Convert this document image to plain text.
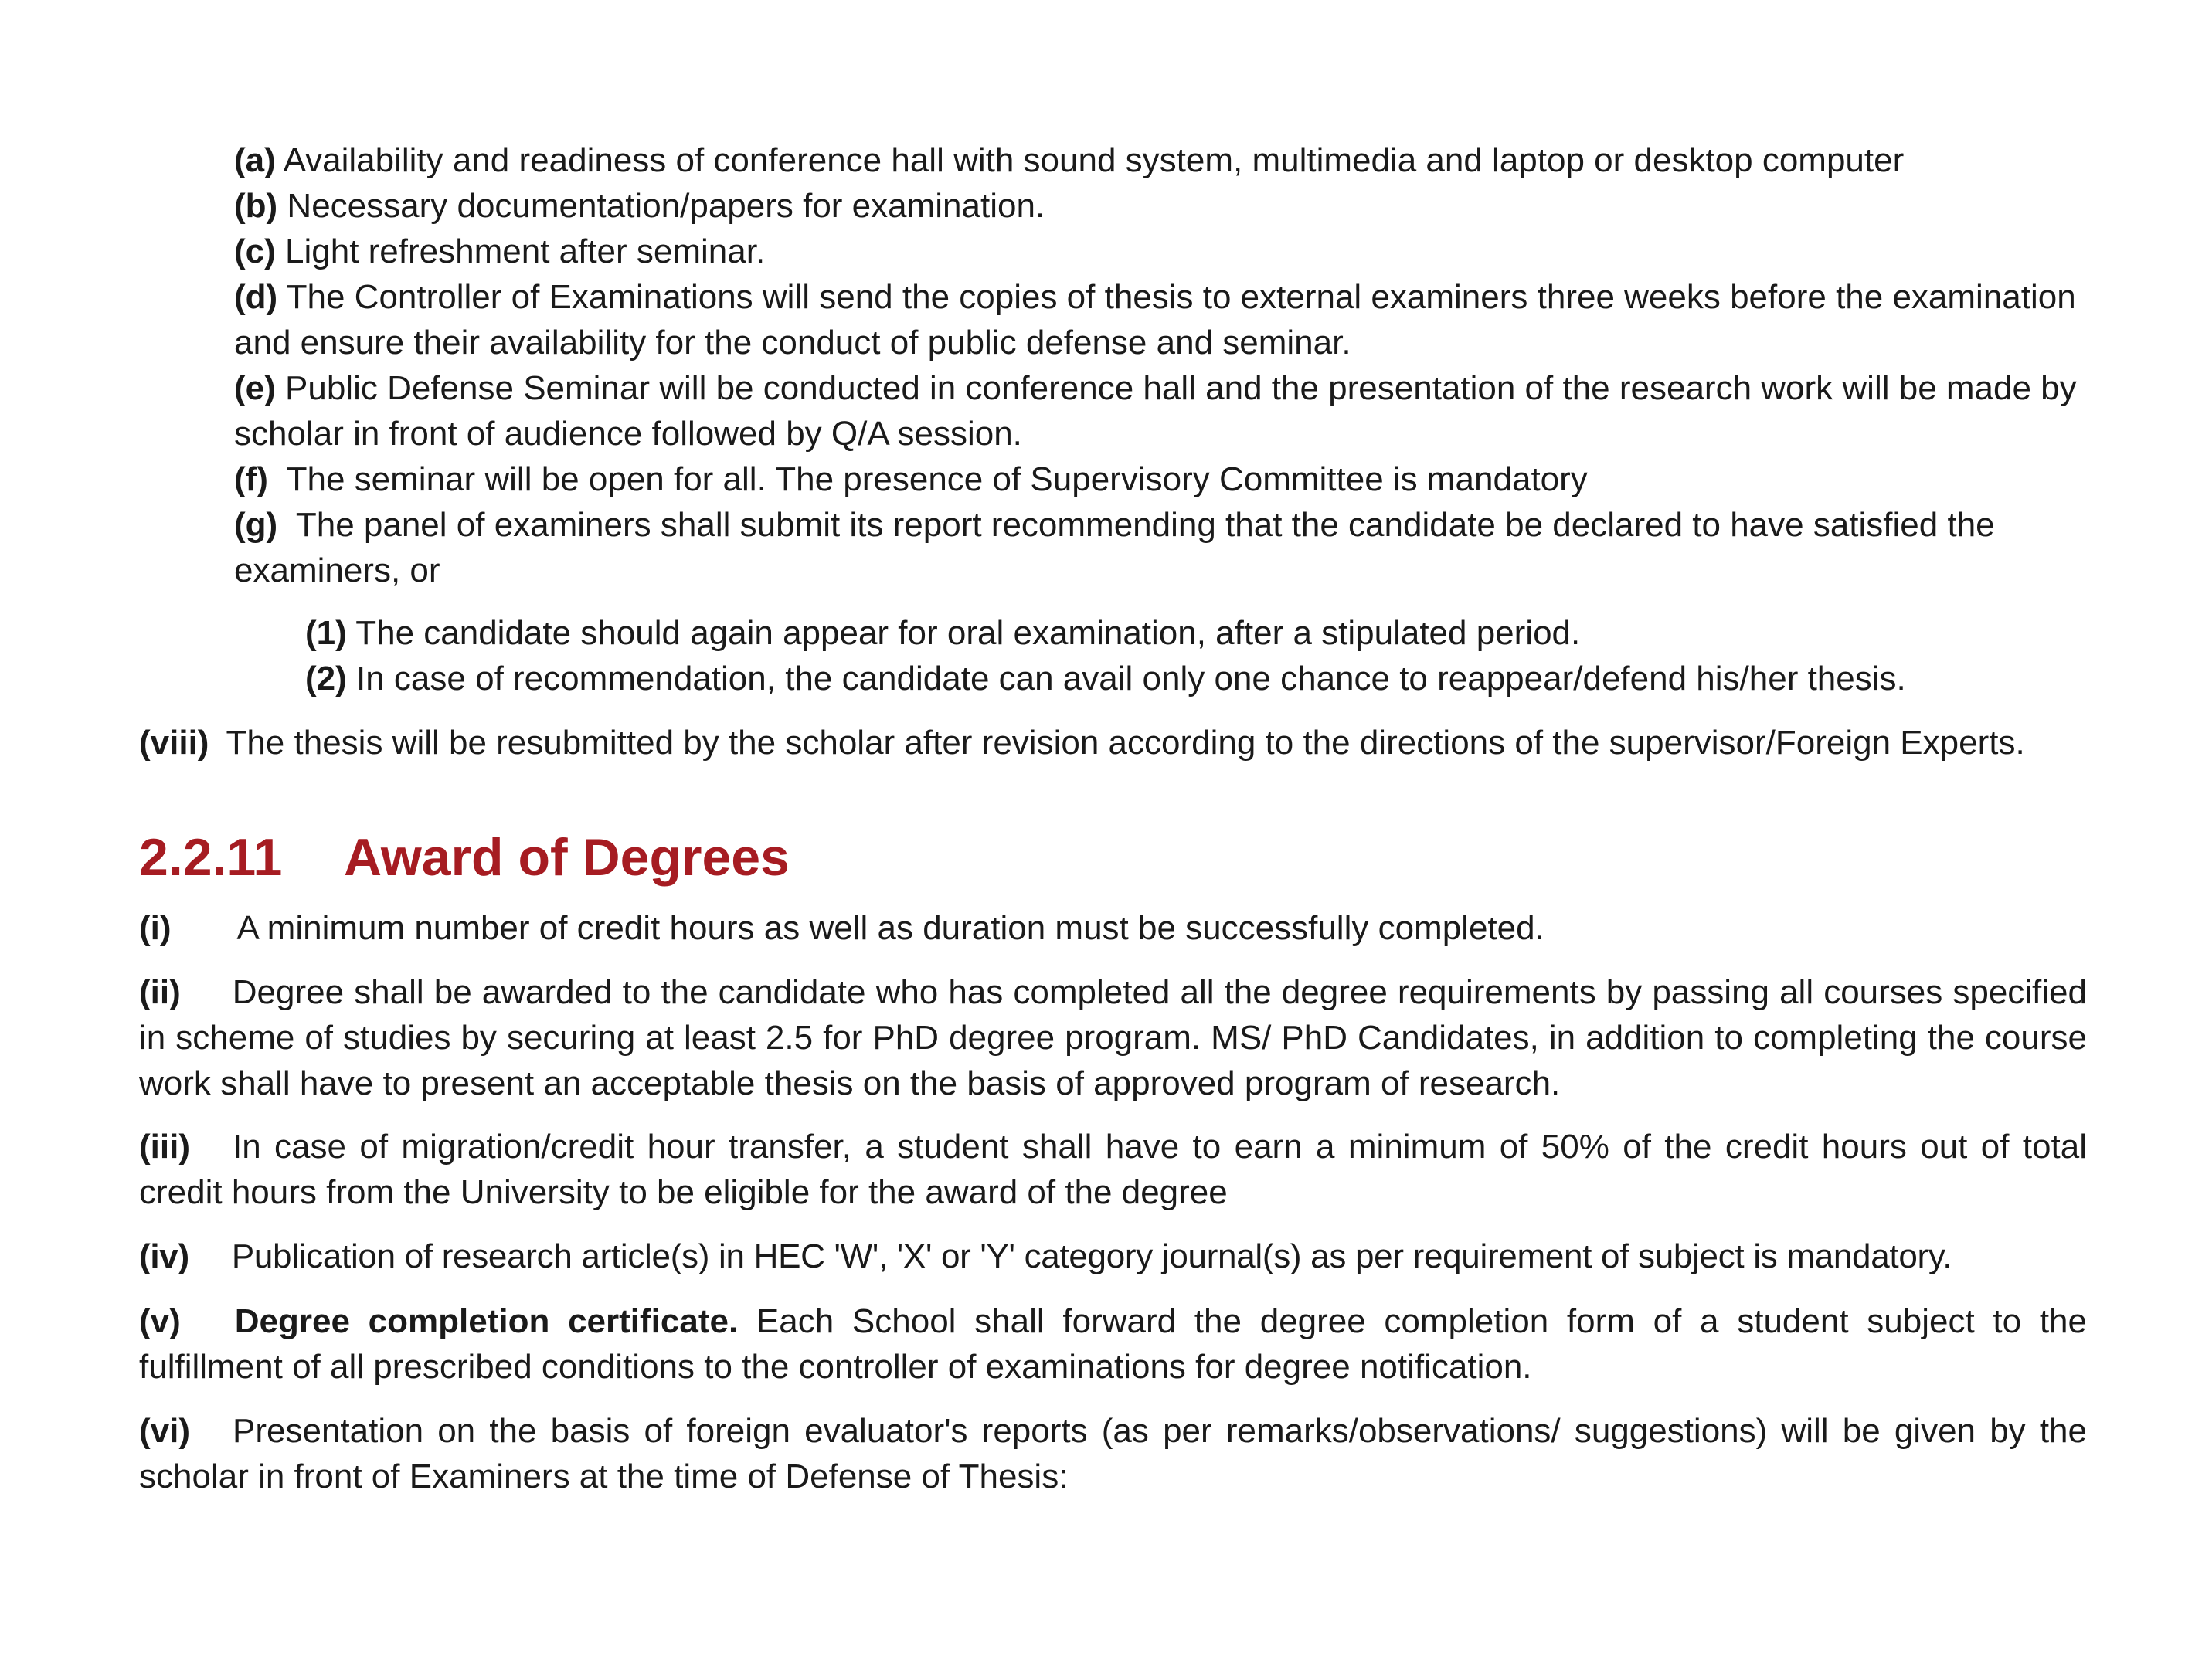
(a) Availability and readiness of conference hall with sound system, multimedia and laptop or desktop computer

(b) Necessary documentation/papers for examination.

(c) Light refreshment after seminar.

(d) The Controller of Examinations will send the copies of thesis to external examiners three weeks before the examination and ensure their availability for the conduct of public defense and seminar.

(e) Public Defense Seminar will be conducted in conference hall and the presentation of the research work will be made by scholar in front of audience followed by Q/A session.

(f) The seminar will be open for all. The presence of Supervisory Committee is mandatory

(g) The panel of examiners shall submit its report recommending that the candidate be declared to have satisfied the examiners, or

(1) The candidate should again appear for oral examination, after a stipulated period.

(2) In case of recommendation, the candidate can avail only one chance to reappear/defend his/her thesis.

(viii) The thesis will be resubmitted by the scholar after revision according to the directions of the supervisor/Foreign Experts.

2.2.11 Award of Degrees

(i) A minimum number of credit hours as well as duration must be successfully completed.

(ii) Degree shall be awarded to the candidate who has completed all the degree requirements by passing all courses specified in scheme of studies by securing at least 2.5 for PhD degree program. MS/ PhD Candidates, in addition to completing the course work shall have to present an acceptable thesis on the basis of approved program of research.

(iii) In case of migration/credit hour transfer, a student shall have to earn a minimum of 50% of the credit hours out of total credit hours from the University to be eligible for the award of the degree

(iv) Publication of research article(s) in HEC 'W', 'X' or 'Y' category journal(s) as per requirement of subject is mandatory.

(v) Degree completion certificate. Each School shall forward the degree completion form of a student subject to the fulfillment of all prescribed conditions to the controller of examinations for degree notification.

(vi) Presentation on the basis of foreign evaluator's reports (as per remarks/observations/ suggestions) will be given by the scholar in front of Examiners at the time of Defense of Thesis:
